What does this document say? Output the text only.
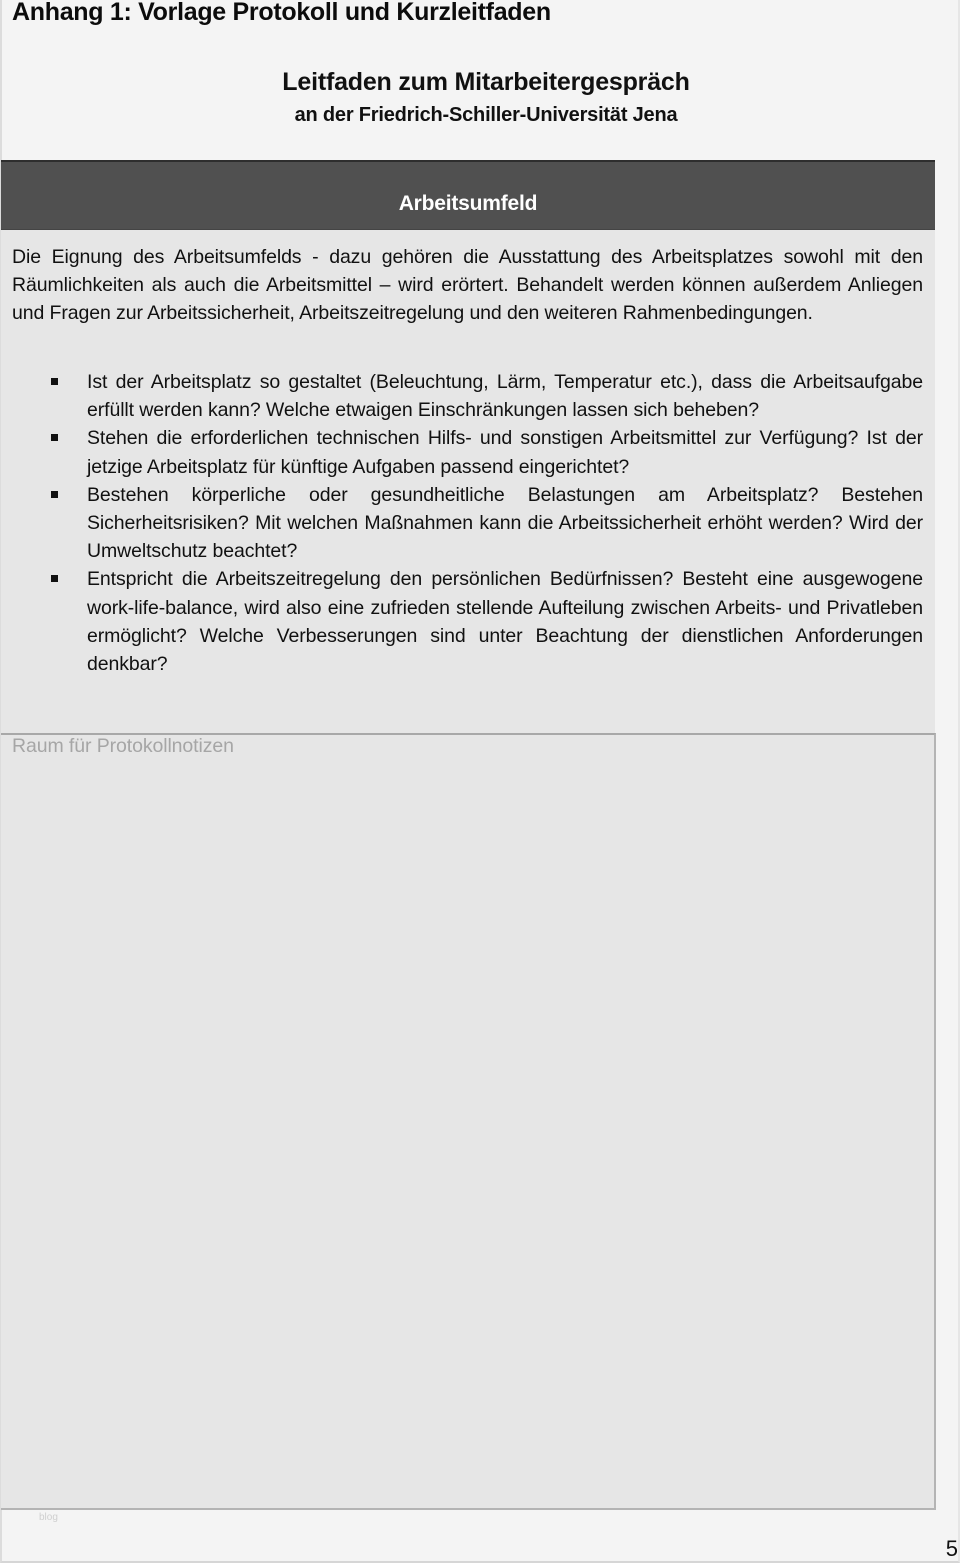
Anhang 1: Vorlage Protokoll und Kurzleitfaden
Leitfaden zum Mitarbeitergespräch
an der Friedrich-Schiller-Universität Jena
Arbeitsumfeld

Die Eignung des Arbeitsumfelds - dazu gehören die Ausstattung des Arbeitsplatzes sowohl mit den Räumlichkeiten als auch die Arbeitsmittel – wird erörtert. Behandelt werden können außerdem Anliegen und Fragen zur Arbeitssicherheit, Arbeitszeitregelung und den weiteren Rahmenbedingungen.

Ist der Arbeitsplatz so gestaltet (Beleuchtung, Lärm, Temperatur etc.), dass die Arbeitsaufgabe erfüllt werden kann? Welche etwaigen Einschränkungen lassen sich beheben?
Stehen die erforderlichen technischen Hilfs- und sonstigen Arbeitsmittel zur Verfügung? Ist der jetzige Arbeitsplatz für künftige Aufgaben passend eingerichtet?
Bestehen körperliche oder gesundheitliche Belastungen am Arbeitsplatz? Bestehen Sicherheitsrisiken? Mit welchen Maßnahmen kann die Arbeitssicherheit erhöht werden? Wird der Umweltschutz beachtet?
Entspricht die Arbeitszeitregelung den persönlichen Bedürfnissen? Besteht eine ausgewogene work-life-balance, wird also eine zufrieden stellende Aufteilung zwischen Arbeits- und Privatleben ermöglicht? Welche Verbesserungen sind unter Beachtung der dienstlichen Anforderungen denkbar?
Raum für Protokollnotizen
blog
5
